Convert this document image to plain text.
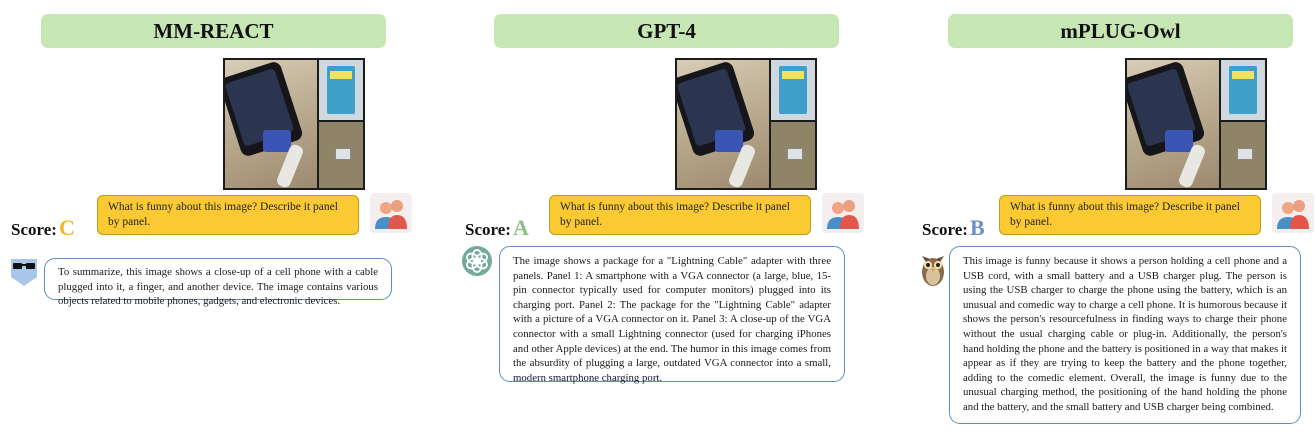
MM-REACT
What is funny about this image? Describe it panel by panel.
Score:C
To summarize, this image shows a close-up of a cell phone with a cable plugged into it, a finger, and another device. The image contains various objects related to mobile phones, gadgets, and electronic devices.
GPT-4
What is funny about this image? Describe it panel by panel.
Score:A
The image shows a package for a "Lightning Cable" adapter with three panels. Panel 1: A smartphone with a VGA connector (a large, blue, 15-pin connector typically used for computer monitors) plugged into its charging port. Panel 2: The package for the "Lightning Cable" adapter with a picture of a VGA connector on it. Panel 3: A close-up of the VGA connector with a small Lightning connector (used for charging iPhones and other Apple devices) at the end. The humor in this image comes from the absurdity of plugging a large, outdated VGA connector into a small, modern smartphone charging port.
mPLUG-Owl
What is funny about this image? Describe it panel by panel.
Score:B
This image is funny because it shows a person holding a cell phone and a USB cord, with a small battery and a USB charger plug. The person is using the USB charger to charge the phone using the battery, which is an unusual and comedic way to charge a cell phone. It is humorous because it shows the person's resourcefulness in finding ways to charge their phone without the usual charging cable or plug-in. Additionally, the person's hand holding the phone and the battery is positioned in a way that makes it appear as if they are trying to keep the battery and the phone together, adding to the comedic element. Overall, the image is funny due to the unusual charging method, the positioning of the hand holding the phone and the battery, and the small battery and USB charger being combined.
